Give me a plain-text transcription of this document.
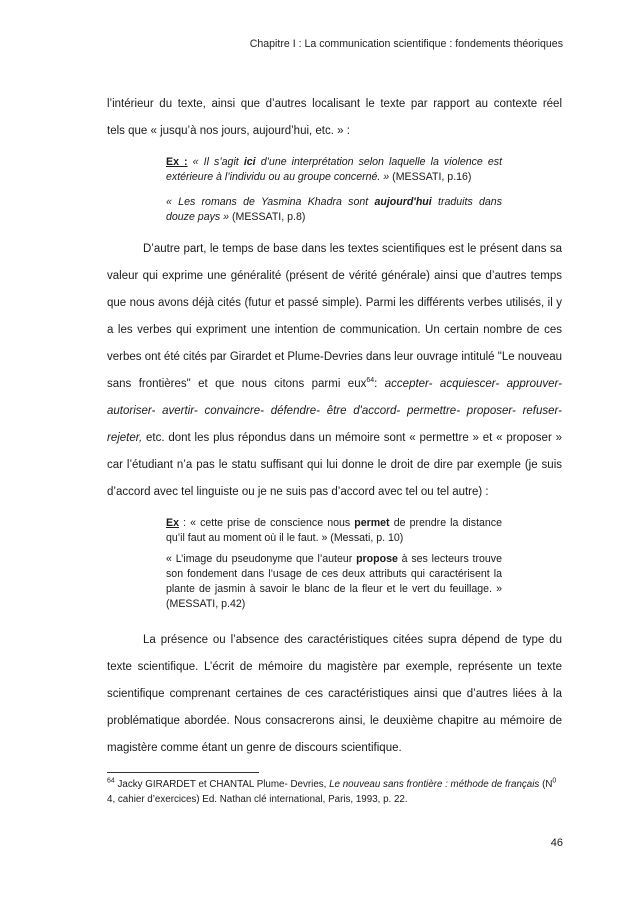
Chapitre I : La communication scientifique : fondements théoriques
l’intérieur du texte, ainsi que d’autres localisant le texte par rapport au contexte réel
tels que « jusqu’à nos jours, aujourd’hui, etc. » :

Ex : « Il s’agit ici d’une interprétation selon laquelle la violence est extérieure à l’individu ou au groupe concerné. » (MESSATI, p.16)

« Les romans de Yasmina Khadra sont aujourd'hui traduits dans douze pays » (MESSATI, p.8)

D’autre part, le temps de base dans les textes scientifiques est le présent dans sa valeur qui exprime une généralité (présent de vérité générale) ainsi que d’autres temps que nous avons déjà cités (futur et passé simple). Parmi les différents verbes utilisés, il y a les verbes qui expriment une intention de communication. Un certain nombre de ces verbes ont été cités par Girardet et Plume-Devries dans leur ouvrage intitulé "Le nouveau sans frontières" et que nous citons parmi eux$^{64}$: accepter- acquiescer- approuver- autoriser- avertir- convaincre- défendre- être d'accord- permettre- proposer- refuser- rejeter, etc. dont les plus répondus dans un mémoire sont « permettre » et « proposer » car l’étudiant n’a pas le statu suffisant qui lui donne le droit de dire par exemple (je suis d’accord avec tel linguiste ou je ne suis pas d’accord avec tel ou tel autre) :

Ex : « cette prise de conscience nous permet de prendre la distance qu’il faut au moment où il le faut. » (Messati, p. 10)

« L’image du pseudonyme que l’auteur propose à ses lecteurs trouve son fondement dans l’usage de ces deux attributs qui caractérisent la plante de jasmin à savoir le blanc de la fleur et le vert du feuillage. » (MESSATI, p.42)

La présence ou l’absence des caractéristiques citées supra dépend de type du texte scientifique. L’écrit de mémoire du magistère par exemple, représente un texte scientifique comprenant certaines de ces caractéristiques ainsi que d’autres liées à la problématique abordée. Nous consacrerons ainsi, le deuxième chapitre au mémoire de magistère comme étant un genre de discours scientifique.
$^{64}$ Jacky GIRARDET et CHANTAL Plume- Devries, Le nouveau sans frontière : méthode de français ($N^0$ 4, cahier d’exercices) Ed. Nathan clé international, Paris, 1993, p. 22.
46
